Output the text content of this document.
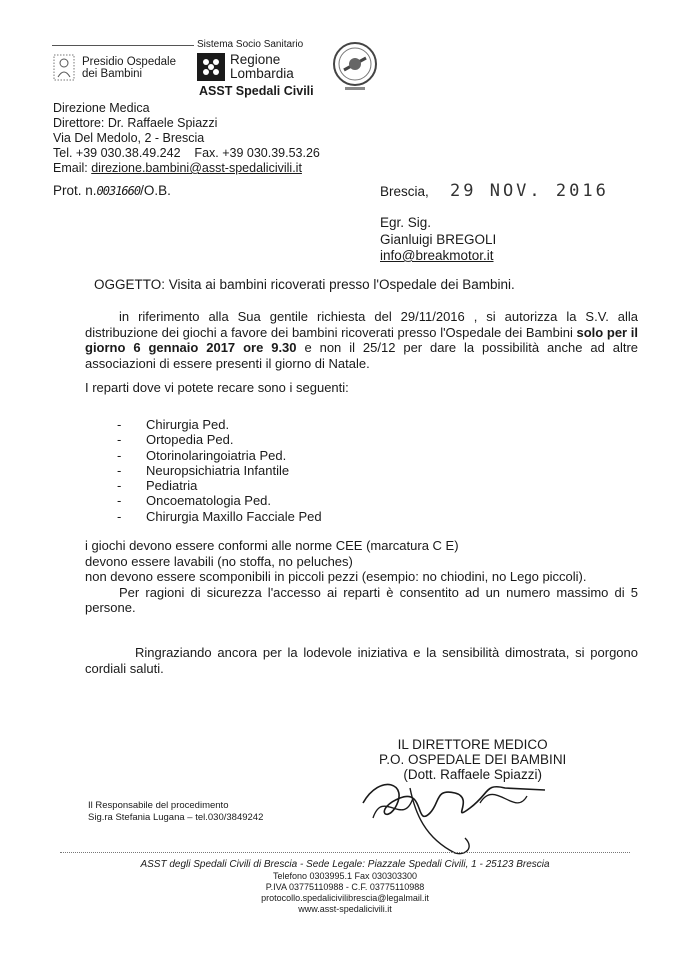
Sistema Socio Sanitario
Presidio Ospedale
dei Bambini
Regione
Lombardia
ASST Spedali Civili
Direzione Medica
Direttore: Dr. Raffaele Spiazzi
Via Del Medolo, 2 - Brescia
Tel. +39 030.38.49.242    Fax. +39 030.39.53.26
Email: direzione.bambini@asst-spedalicivili.it
Prot. n.0031660/O.B.	Brescia, 29 NOV. 2016
Egr. Sig.
Gianluigi BREGOLI
info@breakmotor.it
OGGETTO: Visita ai bambini ricoverati presso l'Ospedale dei Bambini.
in riferimento alla Sua gentile richiesta del 29/11/2016 , si autorizza la S.V. alla distribuzione dei giochi a favore dei bambini ricoverati presso l'Ospedale dei Bambini solo per il giorno 6 gennaio 2017 ore 9.30 e non il 25/12 per dare la possibilità anche ad altre associazioni di essere presenti il giorno di Natale.
I reparti dove vi potete recare sono i seguenti:
- Chirurgia Ped.
- Ortopedia Ped.
- Otorinolaringoiatria Ped.
- Neuropsichiatria Infantile
- Pediatria
- Oncoematologia Ped.
- Chirurgia Maxillo Facciale Ped
i giochi devono essere conformi alle norme CEE (marcatura C E)
devono essere lavabili (no stoffa, no peluches)
non devono essere scomponibili in piccoli pezzi (esempio: no chiodini, no Lego piccoli).
Per ragioni di sicurezza l'accesso ai reparti è consentito ad un numero massimo di 5 persone.
Ringraziando ancora per la lodevole iniziativa e la sensibilità dimostrata, si porgono cordiali saluti.
IL DIRETTORE MEDICO
P.O. OSPEDALE DEI BAMBINI
(Dott. Raffaele Spiazzi)
Il Responsabile del procedimento
Sig.ra Stefania Lugana – tel.030/3849242

ASST degli Spedali Civili di Brescia - Sede Legale: Piazzale Spedali Civili, 1 - 25123 Brescia

Telefono 0303995.1 Fax 030303300

P.IVA 03775110988 - C.F. 03775110988

protocollo.spedalicivilibrescia@legalmail.it

www.asst-spedalicivili.it
